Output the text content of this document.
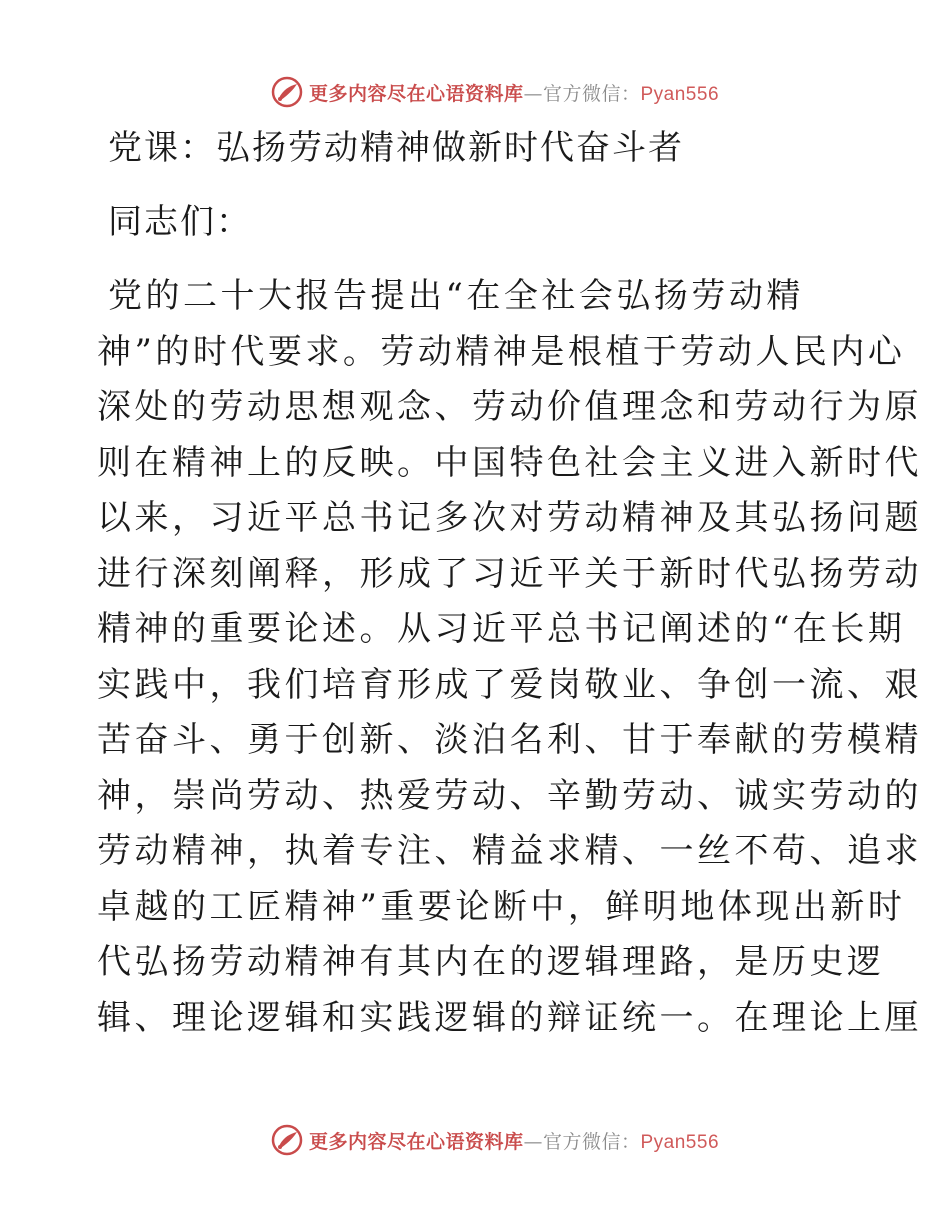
更多内容尽在心语资料库—官方微信：Pyan556
党课：弘扬劳动精神做新时代奋斗者
同志们：
党的二十大报告提出“在全社会弘扬劳动精
神”的时代要求。劳动精神是根植于劳动人民内心
深处的劳动思想观念、劳动价值理念和劳动行为原
则在精神上的反映。中国特色社会主义进入新时代
以来，习近平总书记多次对劳动精神及其弘扬问题
进行深刻阐释，形成了习近平关于新时代弘扬劳动
精神的重要论述。从习近平总书记阐述的“在长期
实践中，我们培育形成了爱岗敬业、争创一流、艰
苦奋斗、勇于创新、淡泊名利、甘于奉献的劳模精
神，崇尚劳动、热爱劳动、辛勤劳动、诚实劳动的
劳动精神，执着专注、精益求精、一丝不苟、追求
卓越的工匠精神”重要论断中，鲜明地体现出新时
代弘扬劳动精神有其内在的逻辑理路，是历史逻
辑、理论逻辑和实践逻辑的辩证统一。在理论上厘
更多内容尽在心语资料库—官方微信：Pyan556
